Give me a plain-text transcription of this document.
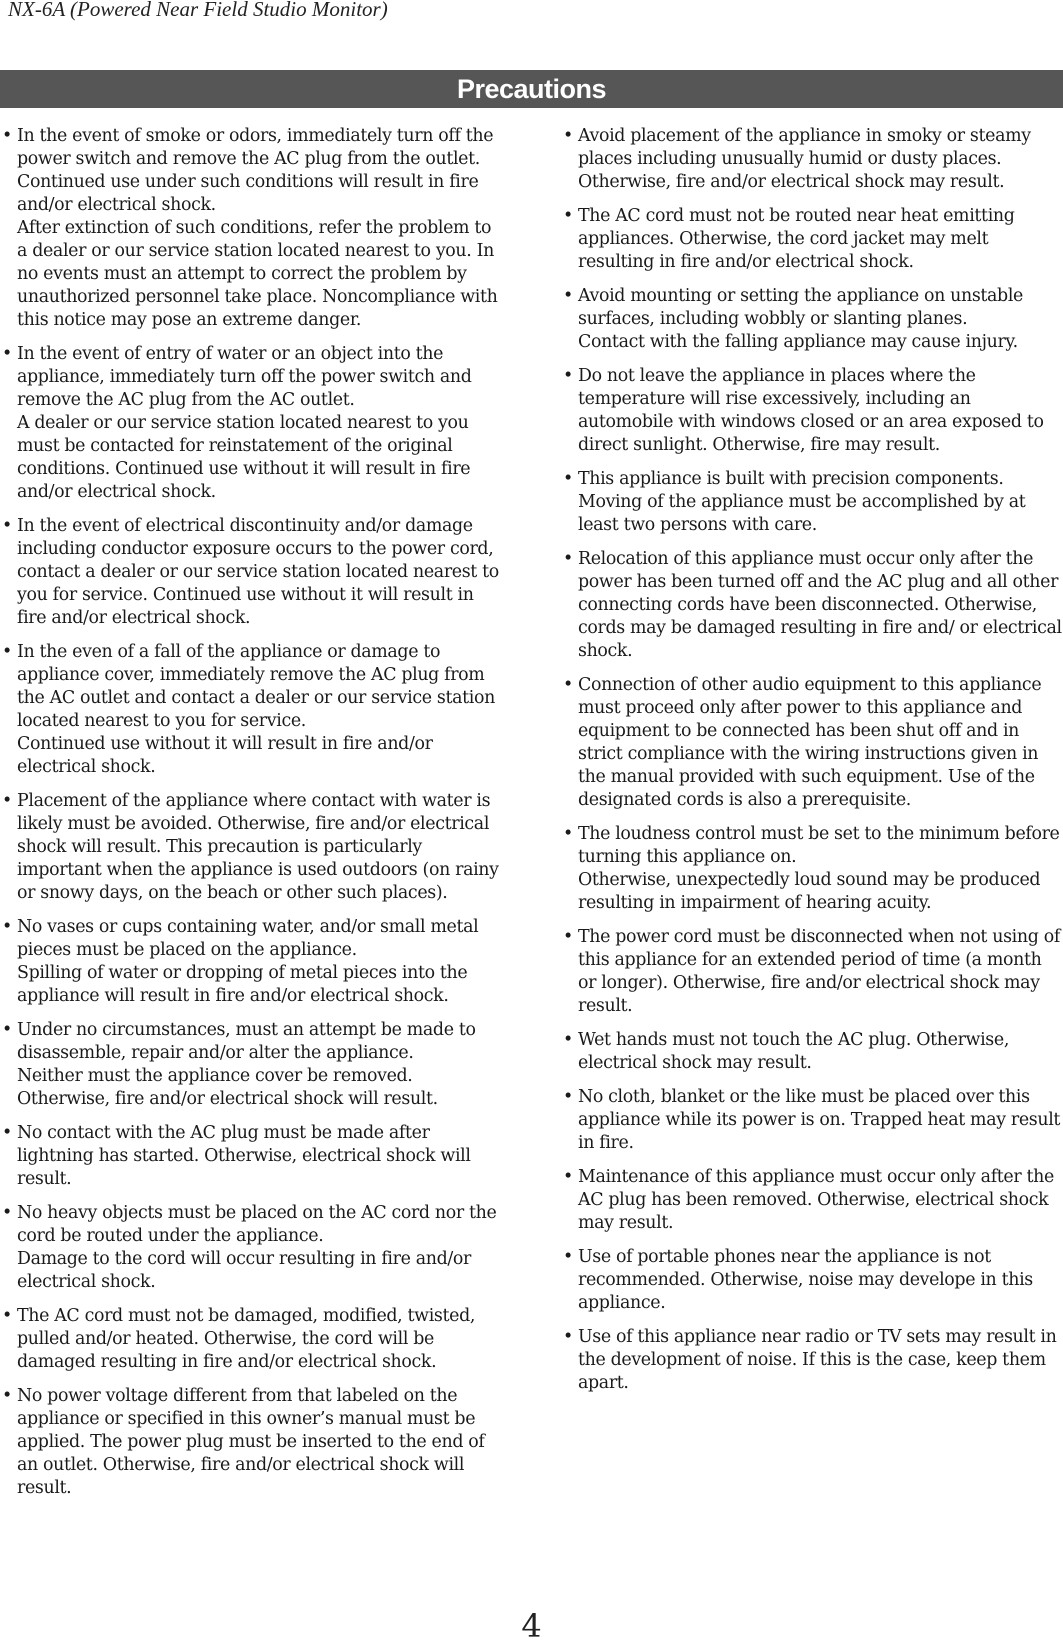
NX-6A (Powered Near Field Studio Monitor)
Precautions
• In the event of smoke or odors, immediately turn off the power switch and remove the AC plug from the outlet. Continued use under such conditions will result in fire and/or electrical shock.
After extinction of such conditions, refer the problem to a dealer or our service station located nearest to you. In no events must an attempt to correct the problem by unauthorized personnel take place. Noncompliance with this notice may pose an extreme danger.
• In the event of entry of water or an object into the appliance, immediately turn off the power switch and remove the AC plug from the AC outlet.
A dealer or our service station located nearest to you must be contacted for reinstatement of the original conditions. Continued use without it will result in fire and/or electrical shock.
• In the event of electrical discontinuity and/or damage including conductor exposure occurs to the power cord, contact a dealer or our service station located nearest to you for service. Continued use without it will result in fire and/or electrical shock.
• In the even of a fall of the appliance or damage to appliance cover, immediately remove the AC plug from the AC outlet and contact a dealer or our service station located nearest to you for service.
Continued use without it will result in fire and/or electrical shock.
• Placement of the appliance where contact with water is likely must be avoided. Otherwise, fire and/or electrical shock will result. This precaution is particularly important when the appliance is used outdoors (on rainy or snowy days, on the beach or other such places).
• No vases or cups containing water, and/or small metal pieces must be placed on the appliance.
Spilling of water or dropping of metal pieces into the appliance will result in fire and/or electrical shock.
• Under no circumstances, must an attempt be made to disassemble, repair and/or alter the appliance.
Neither must the appliance cover be removed.
Otherwise, fire and/or electrical shock will result.
• No contact with the AC plug must be made after lightning has started. Otherwise, electrical shock will result.
• No heavy objects must be placed on the AC cord nor the cord be routed under the appliance.
Damage to the cord will occur resulting in fire and/or electrical shock.
• The AC cord must not be damaged, modified, twisted, pulled and/or heated. Otherwise, the cord will be damaged resulting in fire and/or electrical shock.
• No power voltage different from that labeled on the appliance or specified in this owner’s manual must be applied. The power plug must be inserted to the end of an outlet. Otherwise, fire and/or electrical shock will result.
• Avoid placement of the appliance in smoky or steamy places including unusually humid or dusty places. Otherwise, fire and/or electrical shock may result.
• The AC cord must not be routed near heat emitting appliances. Otherwise, the cord jacket may melt resulting in fire and/or electrical shock.
• Avoid mounting or setting the appliance on unstable surfaces, including wobbly or slanting planes.
Contact with the falling appliance may cause injury.
• Do not leave the appliance in places where the temperature will rise excessively, including an automobile with windows closed or an area exposed to direct sunlight. Otherwise, fire may result.
• This appliance is built with precision components. Moving of the appliance must be accomplished by at least two persons with care.
• Relocation of this appliance must occur only after the power has been turned off and the AC plug and all other connecting cords have been disconnected. Otherwise, cords may be damaged resulting in fire and/ or electrical shock.
• Connection of other audio equipment to this appliance must proceed only after power to this appliance and equipment to be connected has been shut off and in strict compliance with the wiring instructions given in the manual provided with such equipment. Use of the designated cords is also a prerequisite.
• The loudness control must be set to the minimum before turning this appliance on.
Otherwise, unexpectedly loud sound may be produced resulting in impairment of hearing acuity.
• The power cord must be disconnected when not using of this appliance for an extended period of time (a month or longer). Otherwise, fire and/or electrical shock may result.
• Wet hands must not touch the AC plug. Otherwise, electrical shock may result.
• No cloth, blanket or the like must be placed over this appliance while its power is on. Trapped heat may result in fire.
• Maintenance of this appliance must occur only after the AC plug has been removed. Otherwise, electrical shock may result.
• Use of portable phones near the appliance is not recommended. Otherwise, noise may develope in this appliance.
• Use of this appliance near radio or TV sets may result in the development of noise. If this is the case, keep them apart.
4
